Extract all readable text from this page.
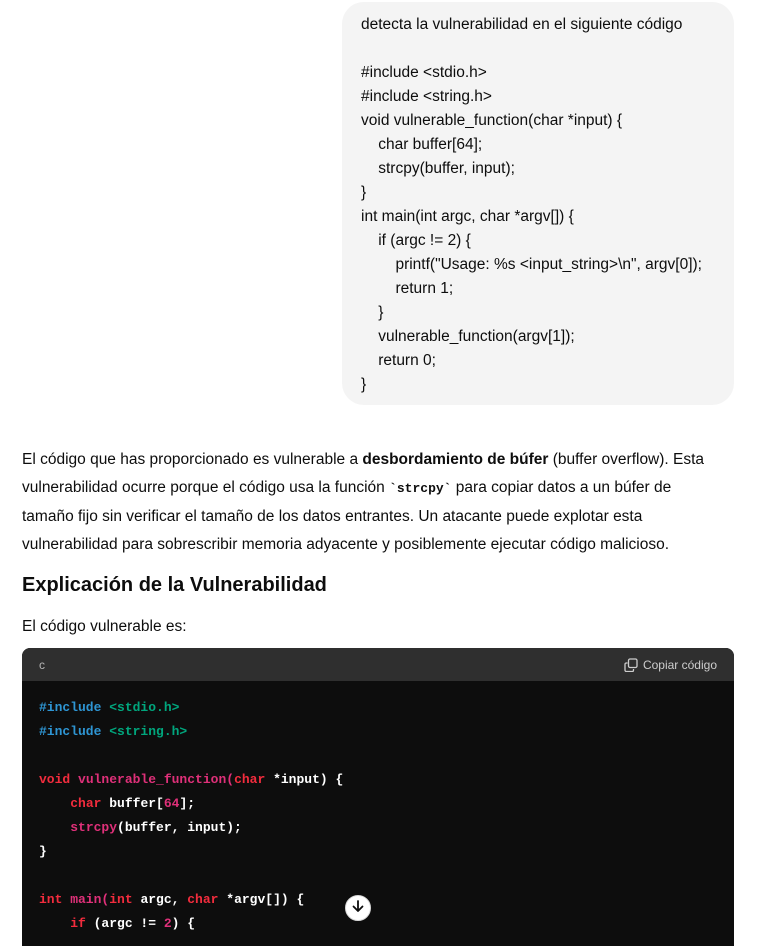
detecta la vulnerabilidad en el siguiente código
#include <stdio.h>
#include <string.h>
void vulnerable_function(char *input) {
char buffer[64];
strcpy(buffer, input);
}
int main(int argc, char *argv[]) {
if (argc != 2) {
printf("Usage: %s <input_string>\n", argv[0]);
return 1;
}
vulnerable_function(argv[1]);
return 0;
}

El código que has proporcionado es vulnerable a desbordamiento de búfer (buffer overflow). Esta vulnerabilidad ocurre porque el código usa la función `strcpy` para copiar datos a un búfer de tamaño fijo sin verificar el tamaño de los datos entrantes. Un atacante puede explotar esta vulnerabilidad para sobrescribir memoria adyacente y posiblemente ejecutar código malicioso.

Explicación de la Vulnerabilidad
El código vulnerable es:
c	Copiar código
#include <stdio.h>
#include <string.h>
void vulnerable_function(char *input) {
char buffer[64];
strcpy(buffer, input);
}
int main(int argc, char *argv[]) {
if (argc != 2) {
